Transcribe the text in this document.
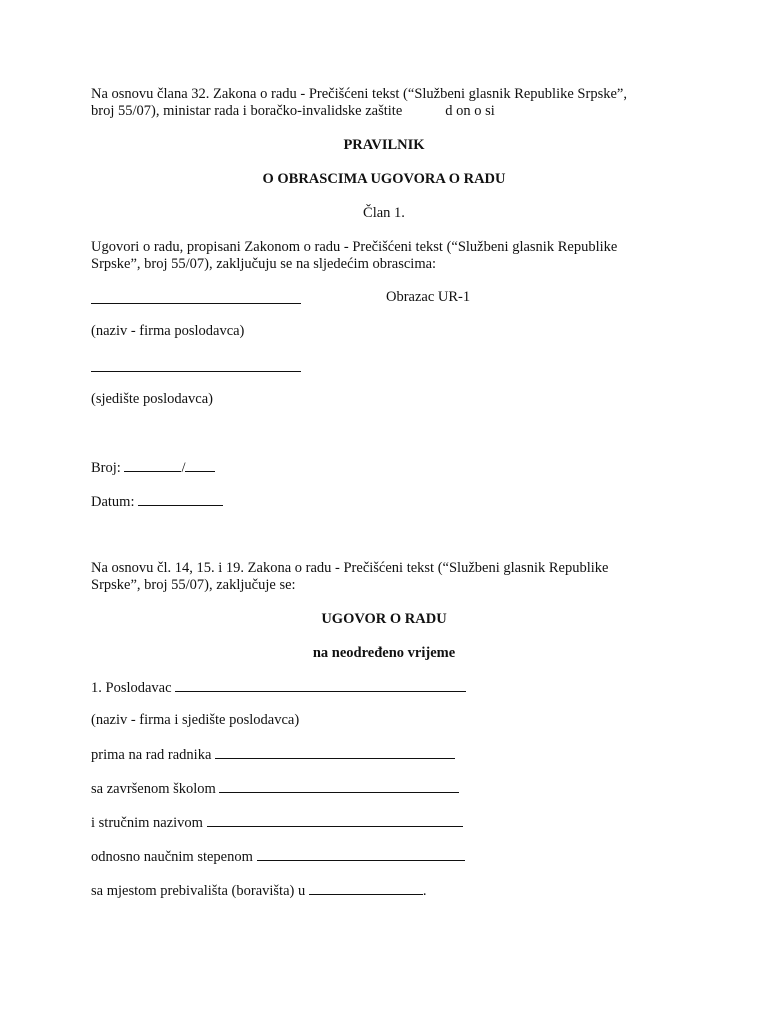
Na osnovu člana 32. Zakona o radu - Prečišćeni tekst (“Službeni glasnik Republike Srpske”,
broj 55/07), ministar rada i boračko-invalidske zaštite	d on o si
PRAVILNIK
O OBRASCIMA UGOVORA O RADU
Član 1.
Ugovori o radu, propisani Zakonom o radu - Prečišćeni tekst (“Službeni glasnik Republike
Srpske”, broj 55/07), zaključuju se na sljedećim obrascima:
Obrazac UR-1
(naziv - firma poslodavca)
(sjedište poslodavca)
Broj:	/
Datum:
Na osnovu čl. 14, 15. i 19. Zakona o radu - Prečišćeni tekst (“Službeni glasnik Republike
Srpske”, broj 55/07), zaključuje se:
UGOVOR O RADU
na neodređeno vrijeme
1. Poslodavac
(naziv - firma i sjedište poslodavca)
prima na rad radnika
sa završenom školom
i stručnim nazivom
odnosno naučnim stepenom
sa mjestom prebivališta (boravišta) u	.
